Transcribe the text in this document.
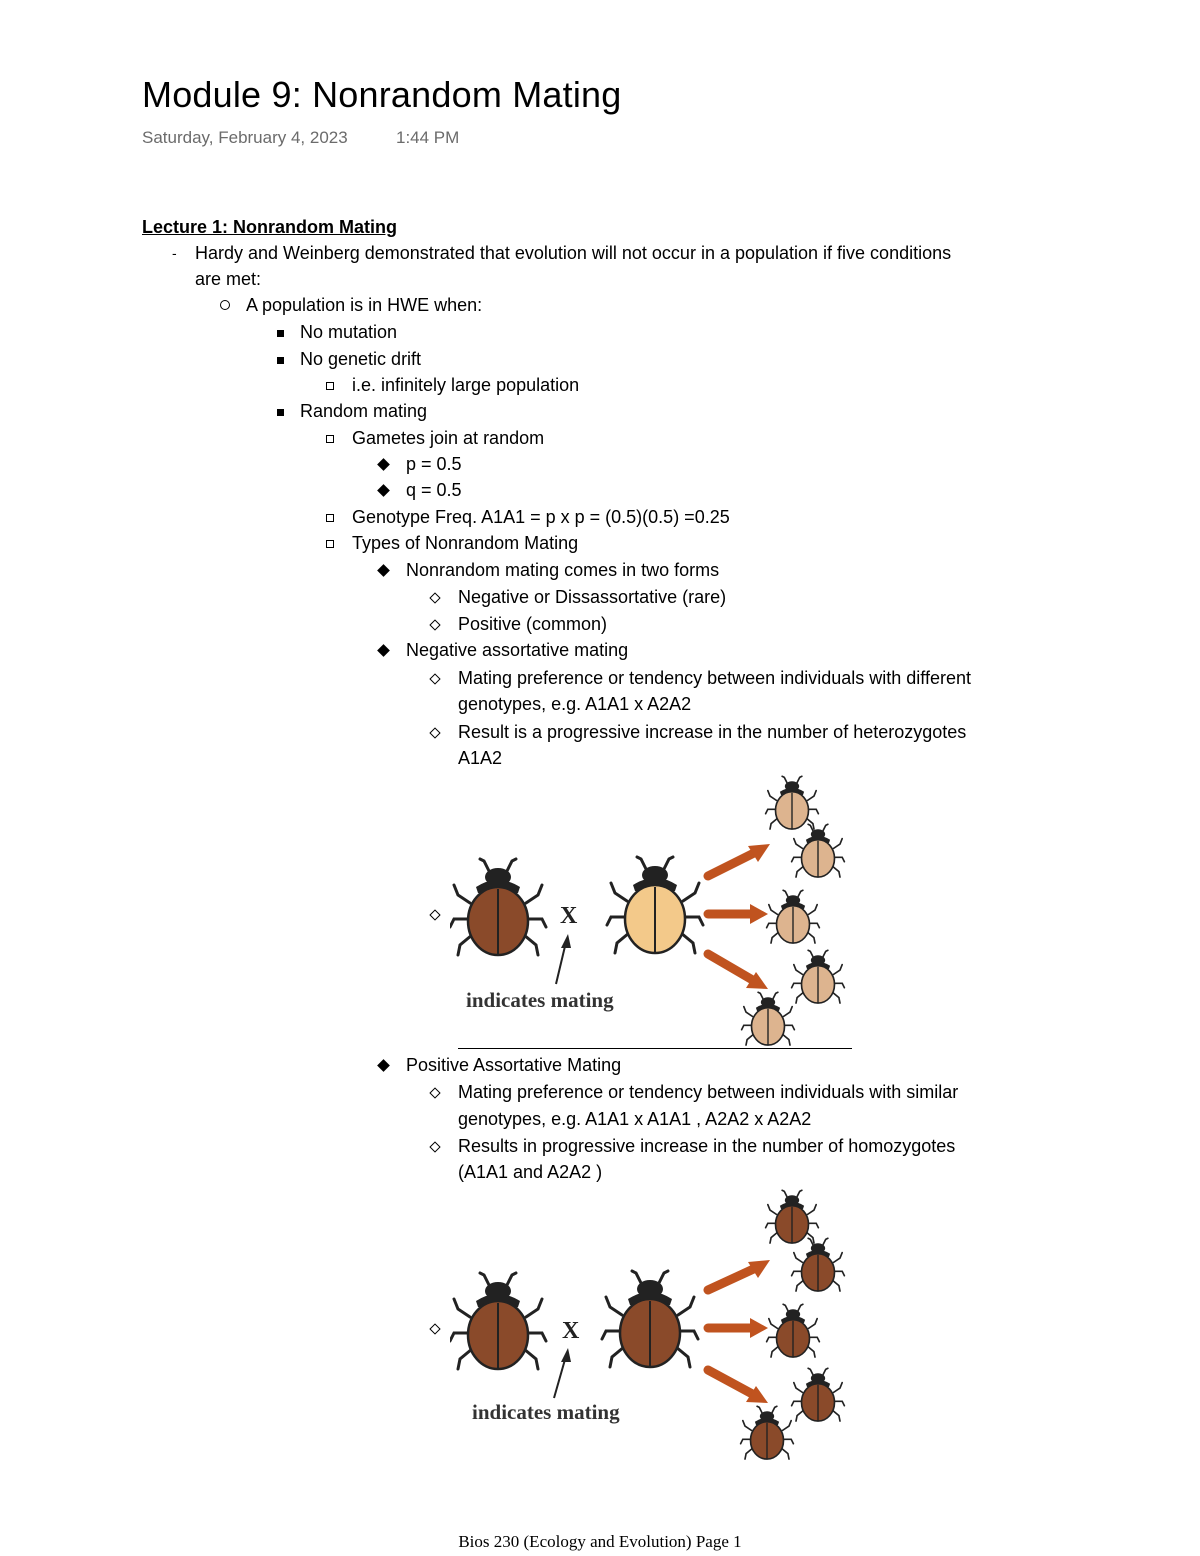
Module 9: Nonrandom Mating
Saturday, February 4, 2023	1:44 PM
Lecture 1: Nonrandom Mating
- Hardy and Weinberg demonstrated that evolution will not occur in a population if five conditions
are met:
A population is in HWE when:
No mutation
No genetic drift
i.e. infinitely large population
Random mating
Gametes join at random
p = 0.5
q = 0.5
Genotype Freq. A1A1 = p x p = (0.5)(0.5) =0.25
Types of Nonrandom Mating
Nonrandom mating comes in two forms
Negative or Dissassortative (rare)
Positive (common)
Negative assortative mating
Mating preference or tendency between individuals with different
genotypes, e.g. A1A1 x A2A2
Result is a progressive increase in the number of heterozygotes
A1A2
X
indicates mating
Positive Assortative Mating
Mating preference or tendency between individuals with similar
genotypes, e.g. A1A1 x A1A1 , A2A2 x A2A2
Results in progressive increase in the number of homozygotes
(A1A1 and A2A2 )
X
indicates mating
Bios 230 (Ecology and Evolution) Page 1
